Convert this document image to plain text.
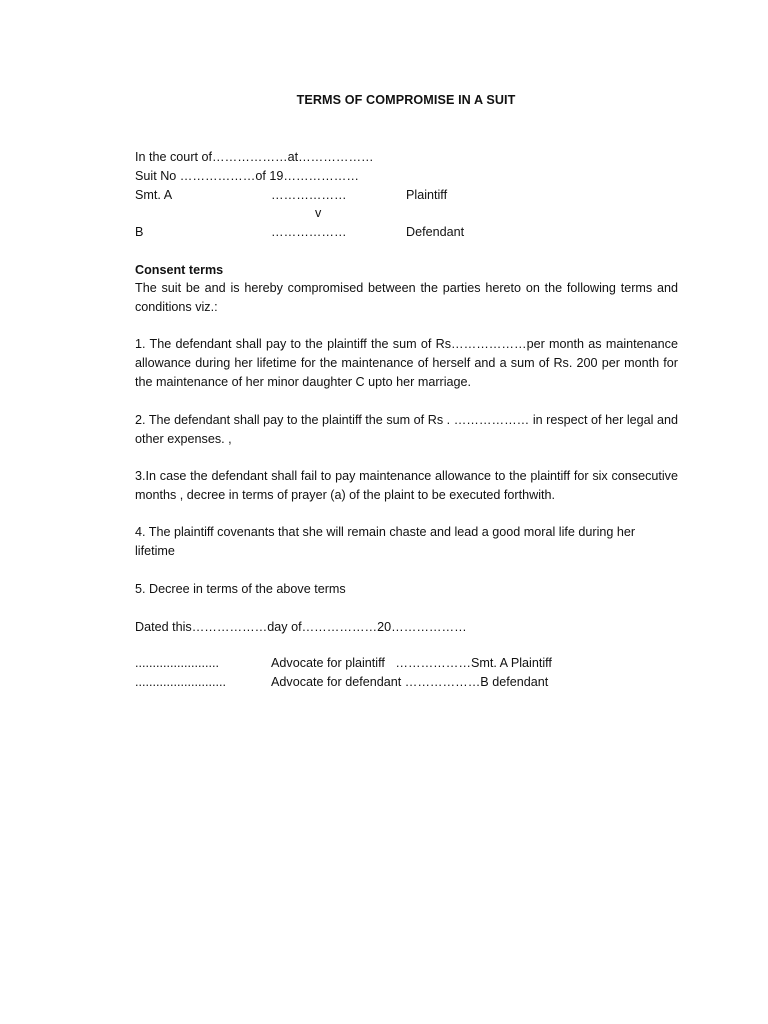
TERMS OF COMPROMISE IN A SUIT
In the court of………………at………………
Suit No ………………of 19………………
Smt. A	………………	Plaintiff
v
B	………………	Defendant
Consent terms
The suit be and is hereby compromised between the parties hereto on the following terms and conditions viz.:
1. The defendant shall pay to the plaintiff the sum of Rs………………per month as maintenance allowance during her lifetime for the maintenance of herself and a sum of Rs. 200 per month for the maintenance of her minor daughter C upto her marriage.
2. The defendant shall pay to the plaintiff the sum of Rs . ……………… in respect of her legal and other expenses. ,
3.In case the defendant shall fail to pay maintenance allowance to the plaintiff for six consecutive months , decree in terms of prayer (a) of the plaint to be executed forthwith.
4. The plaintiff covenants that she will remain chaste and lead a good moral life during her lifetime
5. Decree in terms of the above terms
Dated this………………day of………………20………………
........................	Advocate for plaintiff   ………………Smt. A Plaintiff
..........................	Advocate for defendant ………………B defendant
